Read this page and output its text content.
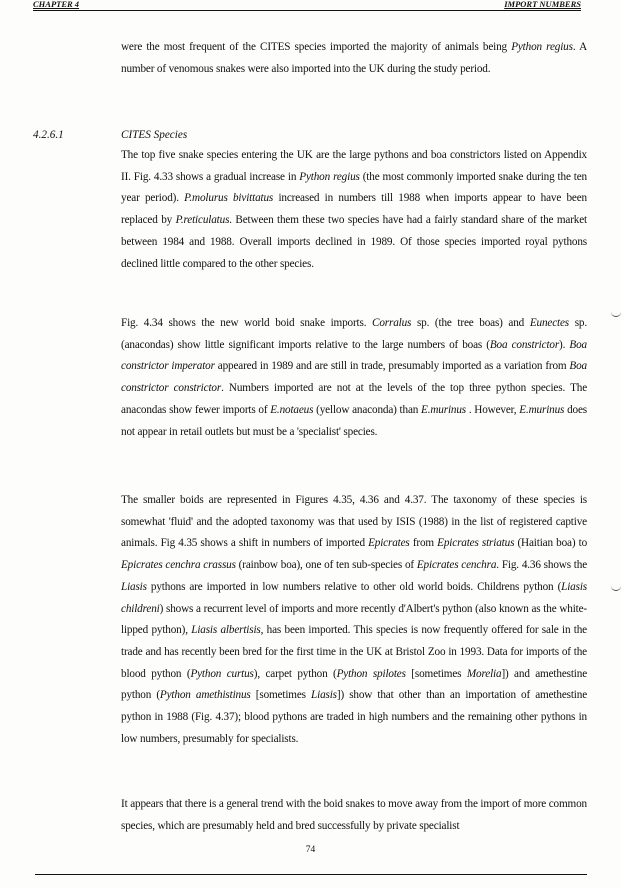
CHAPTER 4	IMPORT NUMBERS
were the most frequent of the CITES species imported the majority of animals being Python regius. A number of venomous snakes were also imported into the UK during the study period.
4.2.6.1	CITES Species
The top five snake species entering the UK are the large pythons and boa constrictors listed on Appendix II. Fig. 4.33 shows a gradual increase in Python regius (the most commonly imported snake during the ten year period). P.molurus bivittatus increased in numbers till 1988 when imports appear to have been replaced by P.reticulatus. Between them these two species have had a fairly standard share of the market between 1984 and 1988. Overall imports declined in 1989. Of those species imported royal pythons declined little compared to the other species.
Fig. 4.34 shows the new world boid snake imports. Corralus sp. (the tree boas) and Eunectes sp. (anacondas) show little significant imports relative to the large numbers of boas (Boa constrictor). Boa constrictor imperator appeared in 1989 and are still in trade, presumably imported as a variation from Boa constrictor constrictor. Numbers imported are not at the levels of the top three python species. The anacondas show fewer imports of E.notaeus (yellow anaconda) than E.murinus . However, E.murinus does not appear in retail outlets but must be a 'specialist' species.
The smaller boids are represented in Figures 4.35, 4.36 and 4.37. The taxonomy of these species is somewhat 'fluid' and the adopted taxonomy was that used by ISIS (1988) in the list of registered captive animals. Fig 4.35 shows a shift in numbers of imported Epicrates from Epicrates striatus (Haitian boa) to Epicrates cenchra crassus (rainbow boa), one of ten sub-species of Epicrates cenchra. Fig. 4.36 shows the Liasis pythons are imported in low numbers relative to other old world boids. Childrens python (Liasis childreni) shows a recurrent level of imports and more recently d'Albert's python (also known as the white-lipped python), Liasis albertisis, has been imported. This species is now frequently offered for sale in the trade and has recently been bred for the first time in the UK at Bristol Zoo in 1993. Data for imports of the blood python (Python curtus), carpet python (Python spilotes [sometimes Morelia]) and amethestine python (Python amethistinus [sometimes Liasis]) show that other than an importation of amethestine python in 1988 (Fig. 4.37); blood pythons are traded in high numbers and the remaining other pythons in low numbers, presumably for specialists.
It appears that there is a general trend with the boid snakes to move away from the import of more common species, which are presumably held and bred successfully by private specialist
74
